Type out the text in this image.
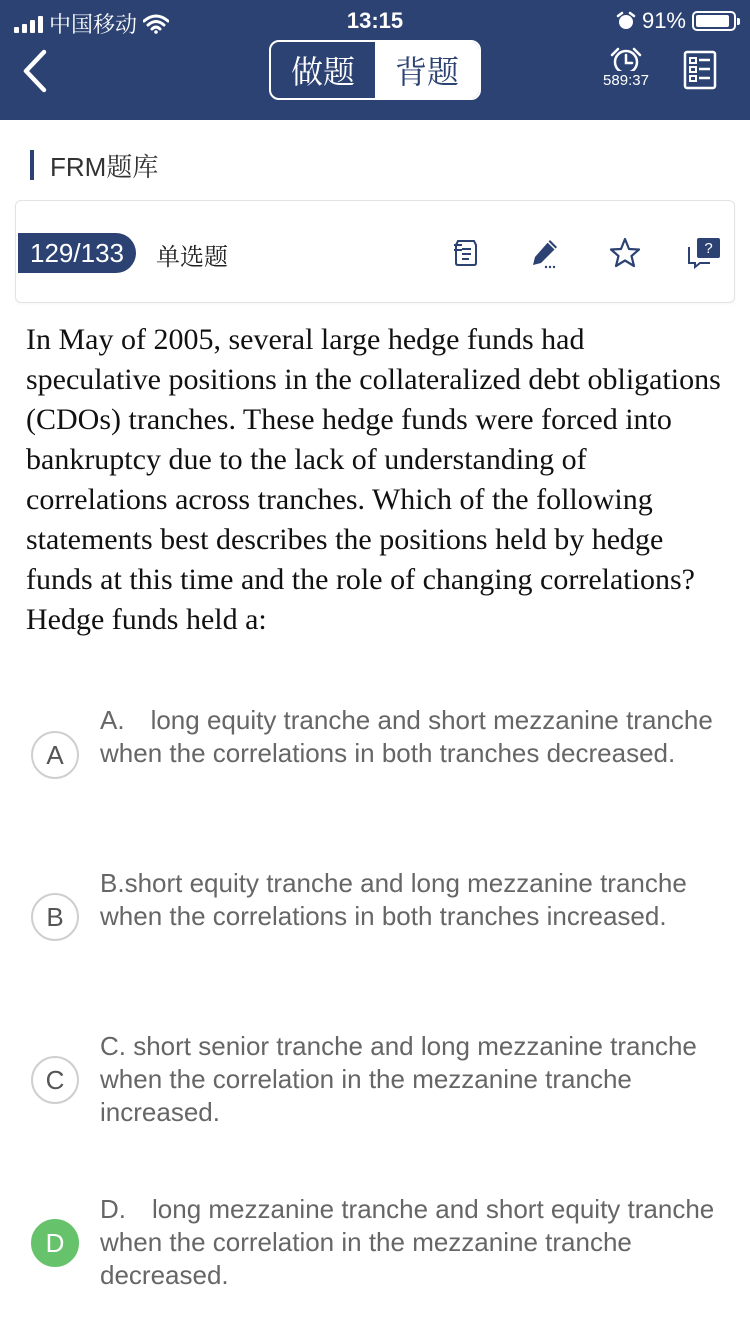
中国移动	13:15	91%
做题	背题	589:37
FRM题库
129/133	单选题	?
In May of 2005, several large hedge funds had speculative positions in the collateralized debt obligations (CDOs) tranches. These hedge funds were forced into bankruptcy due to the lack of understanding of correlations across tranches. Which of the following statements best describes the positions held by hedge funds at this time and the role of changing correlations? Hedge funds held a:
A
A. long equity tranche and short mezzanine tranche when the correlations in both tranches decreased.
B
B.short equity tranche and long mezzanine tranche when the correlations in both tranches increased.
C
C. short senior tranche and long mezzanine tranche when the correlation in the mezzanine tranche increased.
D
D. long mezzanine tranche and short equity tranche when the correlation in the mezzanine tranche decreased.
